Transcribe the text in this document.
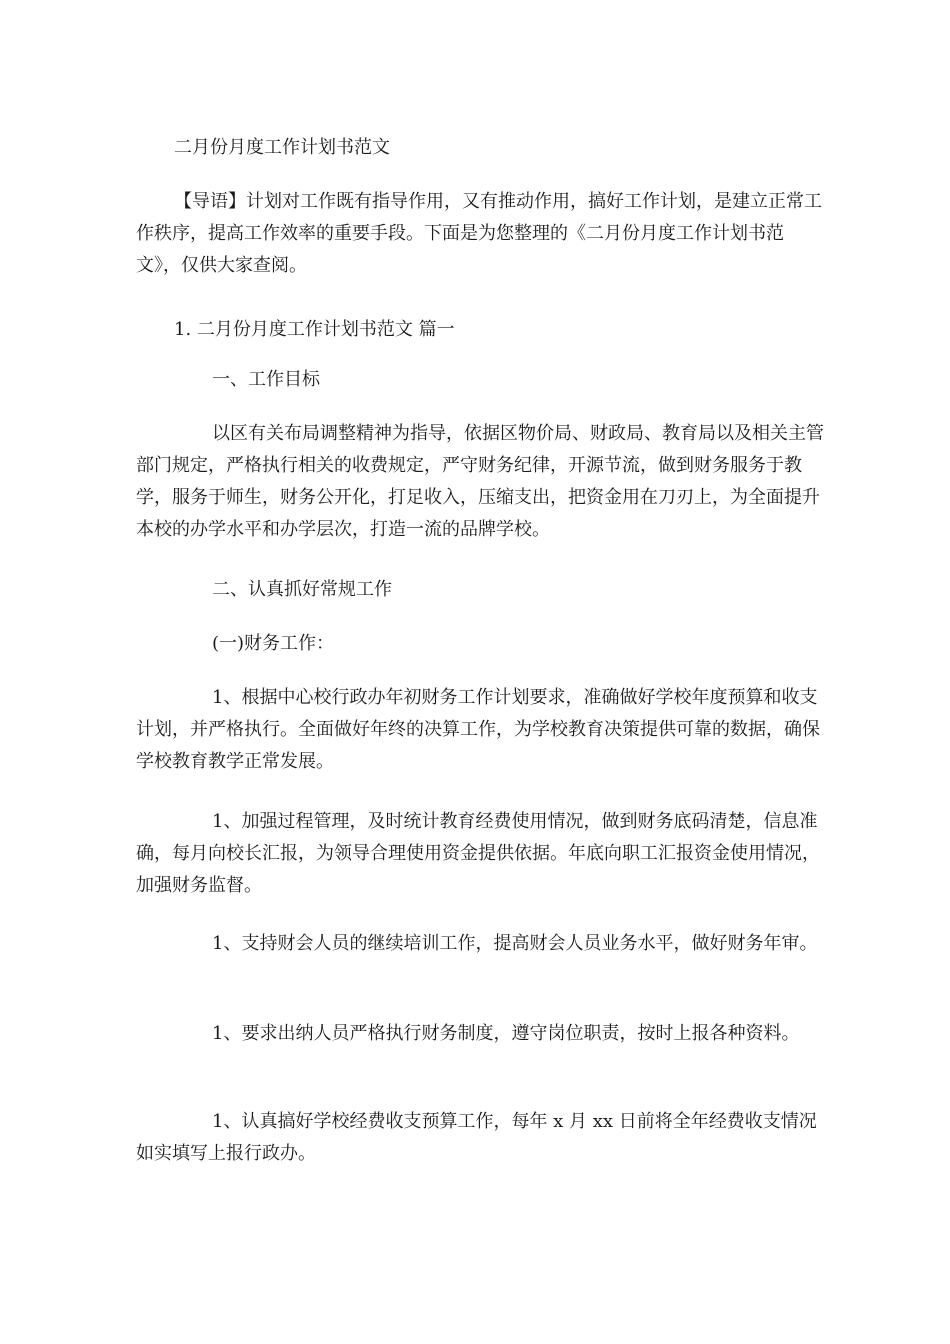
二月份月度工作计划书范文

【导语】计划对工作既有指导作用，又有推动作用，搞好工作计划，是建立正常工作秩序，提高工作效率的重要手段。下面是为您整理的《二月份月度工作计划书范文》，仅供大家查阅。

1. 二月份月度工作计划书范文 篇一

一、工作目标

以区有关布局调整精神为指导，依据区物价局、财政局、教育局以及相关主管部门规定，严格执行相关的收费规定，严守财务纪律，开源节流，做到财务服务于教学，服务于师生，财务公开化，打足收入，压缩支出，把资金用在刀刃上，为全面提升本校的办学水平和办学层次，打造一流的品牌学校。

二、认真抓好常规工作

(一)财务工作：

1、根据中心校行政办年初财务工作计划要求，准确做好学校年度预算和收支计划，并严格执行。全面做好年终的决算工作，为学校教育决策提供可靠的数据，确保学校教育教学正常发展。

1、加强过程管理，及时统计教育经费使用情况，做到财务底码清楚，信息准确，每月向校长汇报，为领导合理使用资金提供依据。年底向职工汇报资金使用情况，加强财务监督。

1、支持财会人员的继续培训工作，提高财会人员业务水平，做好财务年审。

1、要求出纳人员严格执行财务制度，遵守岗位职责，按时上报各种资料。

1、认真搞好学校经费收支预算工作，每年 x 月 xx 日前将全年经费收支情况如实填写上报行政办。
